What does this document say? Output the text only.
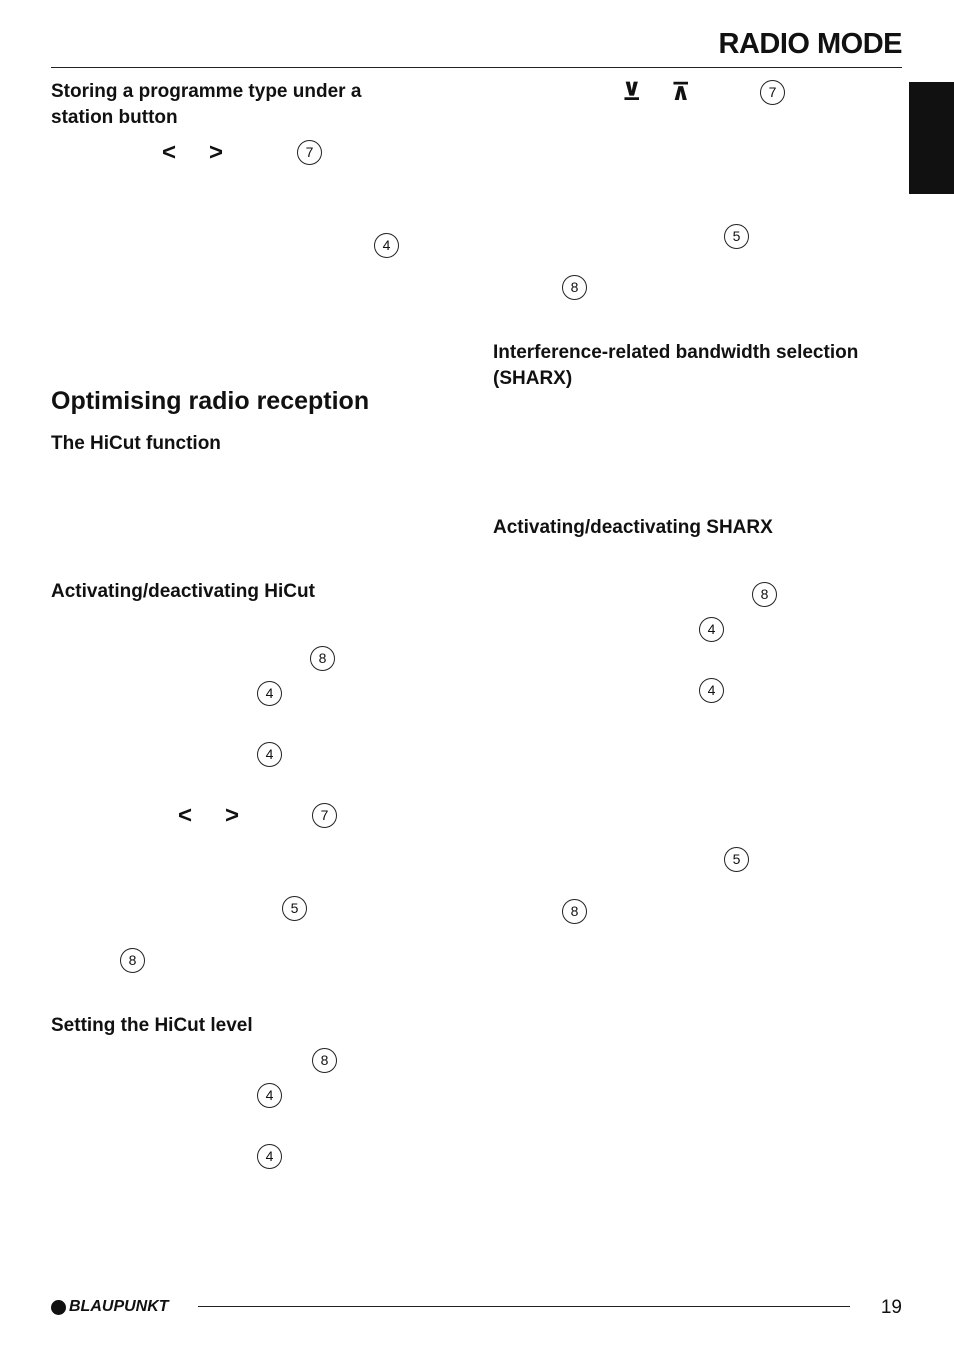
RADIO MODE
Storing a programme type under a
station button
< >	7
4
Optimising radio reception
The HiCut function
Activating/deactivating HiCut
8
4
4
< >	7
5
8
Setting the HiCut level
8
4
4
⊻ ⊼	7
5
8
Interference-related bandwidth selection
(SHARX)
Activating/deactivating SHARX
8
4
4
5
8
BLAUPUNKT	19
